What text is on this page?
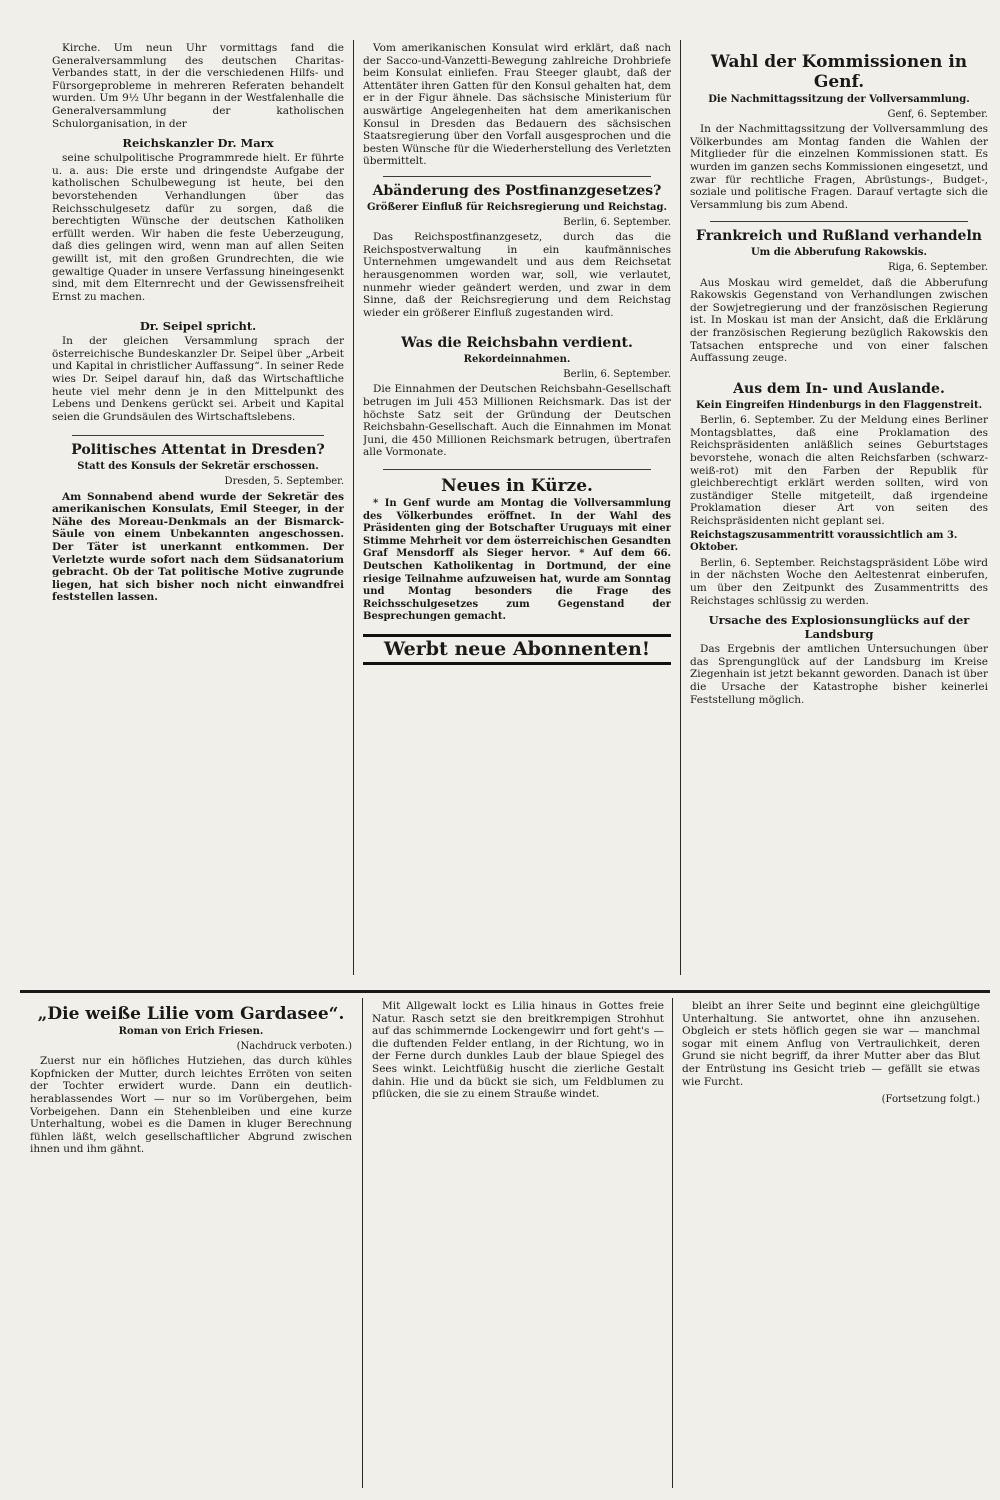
Kirche. Um neun Uhr vormittags fand die Generalversammlung des deutschen Charitas-Verbandes statt, in der die verschiedenen Hilfs- und Fürsorgeprobleme in mehreren Referaten behandelt wurden. Um 9½ Uhr begann in der Westfalenhalle die Generalversammlung der katholischen Schulorganisation, in der

Reichskanzler Dr. Marx

seine schulpolitische Programmrede hielt. Er führte u. a. aus: Die erste und dringendste Aufgabe der katholischen Schulbewegung ist heute, bei den bevorstehenden Verhandlungen über das Reichsschulgesetz dafür zu sorgen, daß die berechtigten Wünsche der deutschen Katholiken erfüllt werden. Wir haben die feste Ueberzeugung, daß dies gelingen wird, wenn man auf allen Seiten gewillt ist, mit den großen Grundrechten, die wie gewaltige Quader in unsere Verfassung hineingesenkt sind, mit dem Elternrecht und der Gewissensfreiheit Ernst zu machen.

Dr. Seipel spricht.

In der gleichen Versammlung sprach der österreichische Bundeskanzler Dr. Seipel über „Arbeit und Kapital in christlicher Auffassung“. In seiner Rede wies Dr. Seipel darauf hin, daß das Wirtschaftliche heute viel mehr denn je in den Mittelpunkt des Lebens und Denkens gerückt sei. Arbeit und Kapital seien die Grundsäulen des Wirtschaftslebens.

Politisches Attentat in Dresden?
Statt des Konsuls der Sekretär erschossen.
Dresden, 5. September.

Am Sonnabend abend wurde der Sekretär des amerikanischen Konsulats, Emil Steeger, in der Nähe des Moreau-Denkmals an der Bismarck-Säule von einem Unbekannten angeschossen. Der Täter ist unerkannt entkommen. Der Verletzte wurde sofort nach dem Südsanatorium gebracht. Ob der Tat politische Motive zugrunde liegen, hat sich bisher noch nicht einwandfrei feststellen lassen.

Vom amerikanischen Konsulat wird erklärt, daß nach der Sacco-und-Vanzetti-Bewegung zahlreiche Drohbriefe beim Konsulat einliefen. Frau Steeger glaubt, daß der Attentäter ihren Gatten für den Konsul gehalten hat, dem er in der Figur ähnele. Das sächsische Ministerium für auswärtige Angelegenheiten hat dem amerikanischen Konsul in Dresden das Bedauern des sächsischen Staatsregierung über den Vorfall ausgesprochen und die besten Wünsche für die Wiederherstellung des Verletzten übermittelt.

Abänderung des Postfinanzgesetzes?
Größerer Einfluß für Reichsregierung und Reichstag.
Berlin, 6. September.

Das Reichspostfinanzgesetz, durch das die Reichspostverwaltung in ein kaufmännisches Unternehmen umgewandelt und aus dem Reichsetat herausgenommen worden war, soll, wie verlautet, nunmehr wieder geändert werden, und zwar in dem Sinne, daß der Reichsregierung und dem Reichstag wieder ein größerer Einfluß zugestanden wird.

Was die Reichsbahn verdient.
Rekordeinnahmen.
Berlin, 6. September.

Die Einnahmen der Deutschen Reichsbahn-Gesellschaft betrugen im Juli 453 Millionen Reichsmark. Das ist der höchste Satz seit der Gründung der Deutschen Reichsbahn-Gesellschaft. Auch die Einnahmen im Monat Juni, die 450 Millionen Reichsmark betrugen, übertrafen alle Vormonate.

Neues in Kürze.

* In Genf wurde am Montag die Vollversammlung des Völkerbundes eröffnet. In der Wahl des Präsidenten ging der Botschafter Uruguays mit einer Stimme Mehrheit vor dem österreichischen Gesandten Graf Mensdorff als Sieger hervor. * Auf dem 66. Deutschen Katholikentag in Dortmund, der eine riesige Teilnahme aufzuweisen hat, wurde am Sonntag und Montag besonders die Frage des Reichsschulgesetzes zum Gegenstand der Besprechungen gemacht.

Werbt neue Abonnenten!
Wahl der Kommissionen in Genf.
Die Nachmittagssitzung der Vollversammlung.
Genf, 6. September.

In der Nachmittagssitzung der Vollversammlung des Völkerbundes am Montag fanden die Wahlen der Mitglieder für die einzelnen Kommissionen statt. Es wurden im ganzen sechs Kommissionen eingesetzt, und zwar für rechtliche Fragen, Abrüstungs-, Budget-, soziale und politische Fragen. Darauf vertagte sich die Versammlung bis zum Abend.

Frankreich und Rußland verhandeln
Um die Abberufung Rakowskis.
Riga, 6. September.

Aus Moskau wird gemeldet, daß die Abberufung Rakowskis Gegenstand von Verhandlungen zwischen der Sowjetregierung und der französischen Regierung ist. In Moskau ist man der Ansicht, daß die Erklärung der französischen Regierung bezüglich Rakowskis den Tatsachen entspreche und von einer falschen Auffassung zeuge.

Aus dem In- und Auslande.
Kein Eingreifen Hindenburgs in den Flaggenstreit.

Berlin, 6. September. Zu der Meldung eines Berliner Montagsblattes, daß eine Proklamation des Reichspräsidenten anläßlich seines Geburtstages bevorstehe, wonach die alten Reichsfarben (schwarz-weiß-rot) mit den Farben der Republik für gleichberechtigt erklärt werden sollten, wird von zuständiger Stelle mitgeteilt, daß irgendeine Proklamation dieser Art von seiten des Reichspräsidenten nicht geplant sei.

Reichstagszusammentritt voraussichtlich am 3. Oktober.

Berlin, 6. September. Reichstagspräsident Löbe wird in der nächsten Woche den Aeltestenrat einberufen, um über den Zeitpunkt des Zusammentritts des Reichstages schlüssig zu werden.

Ursache des Explosionsunglücks auf der Landsburg

Das Ergebnis der amtlichen Untersuchungen über das Sprengunglück auf der Landsburg im Kreise Ziegenhain ist jetzt bekannt geworden. Danach ist über die Ursache der Katastrophe bisher keinerlei Feststellung möglich.

„Die weiße Lilie vom Gardasee“.
Roman von Erich Friesen.
(Nachdruck verboten.)

Zuerst nur ein höfliches Hutziehen, das durch kühles Kopfnicken der Mutter, durch leichtes Erröten von seiten der Tochter erwidert wurde. Dann ein deutlich-herablassendes Wort — nur so im Vorübergehen, beim Vorbeigehen. Dann ein Stehenbleiben und eine kurze Unterhaltung, wobei es die Damen in kluger Berechnung fühlen läßt, welch gesellschaftlicher Abgrund zwischen ihnen und ihm gähnt.

Mit Allgewalt lockt es Lilia hinaus in Gottes freie Natur. Rasch setzt sie den breitkrempigen Strohhut auf das schimmernde Lockengewirr und fort geht's — die duftenden Felder entlang, in der Richtung, wo in der Ferne durch dunkles Laub der blaue Spiegel des Sees winkt. Leichtfüßig huscht die zierliche Gestalt dahin. Hie und da bückt sie sich, um Feldblumen zu pflücken, die sie zu einem Strauße windet.

bleibt an ihrer Seite und beginnt eine gleichgültige Unterhaltung. Sie antwortet, ohne ihn anzusehen. Obgleich er stets höflich gegen sie war — manchmal sogar mit einem Anflug von Vertraulichkeit, deren Grund sie nicht begriff, da ihrer Mutter aber das Blut der Entrüstung ins Gesicht trieb — gefällt sie etwas wie Furcht.

(Fortsetzung folgt.)
